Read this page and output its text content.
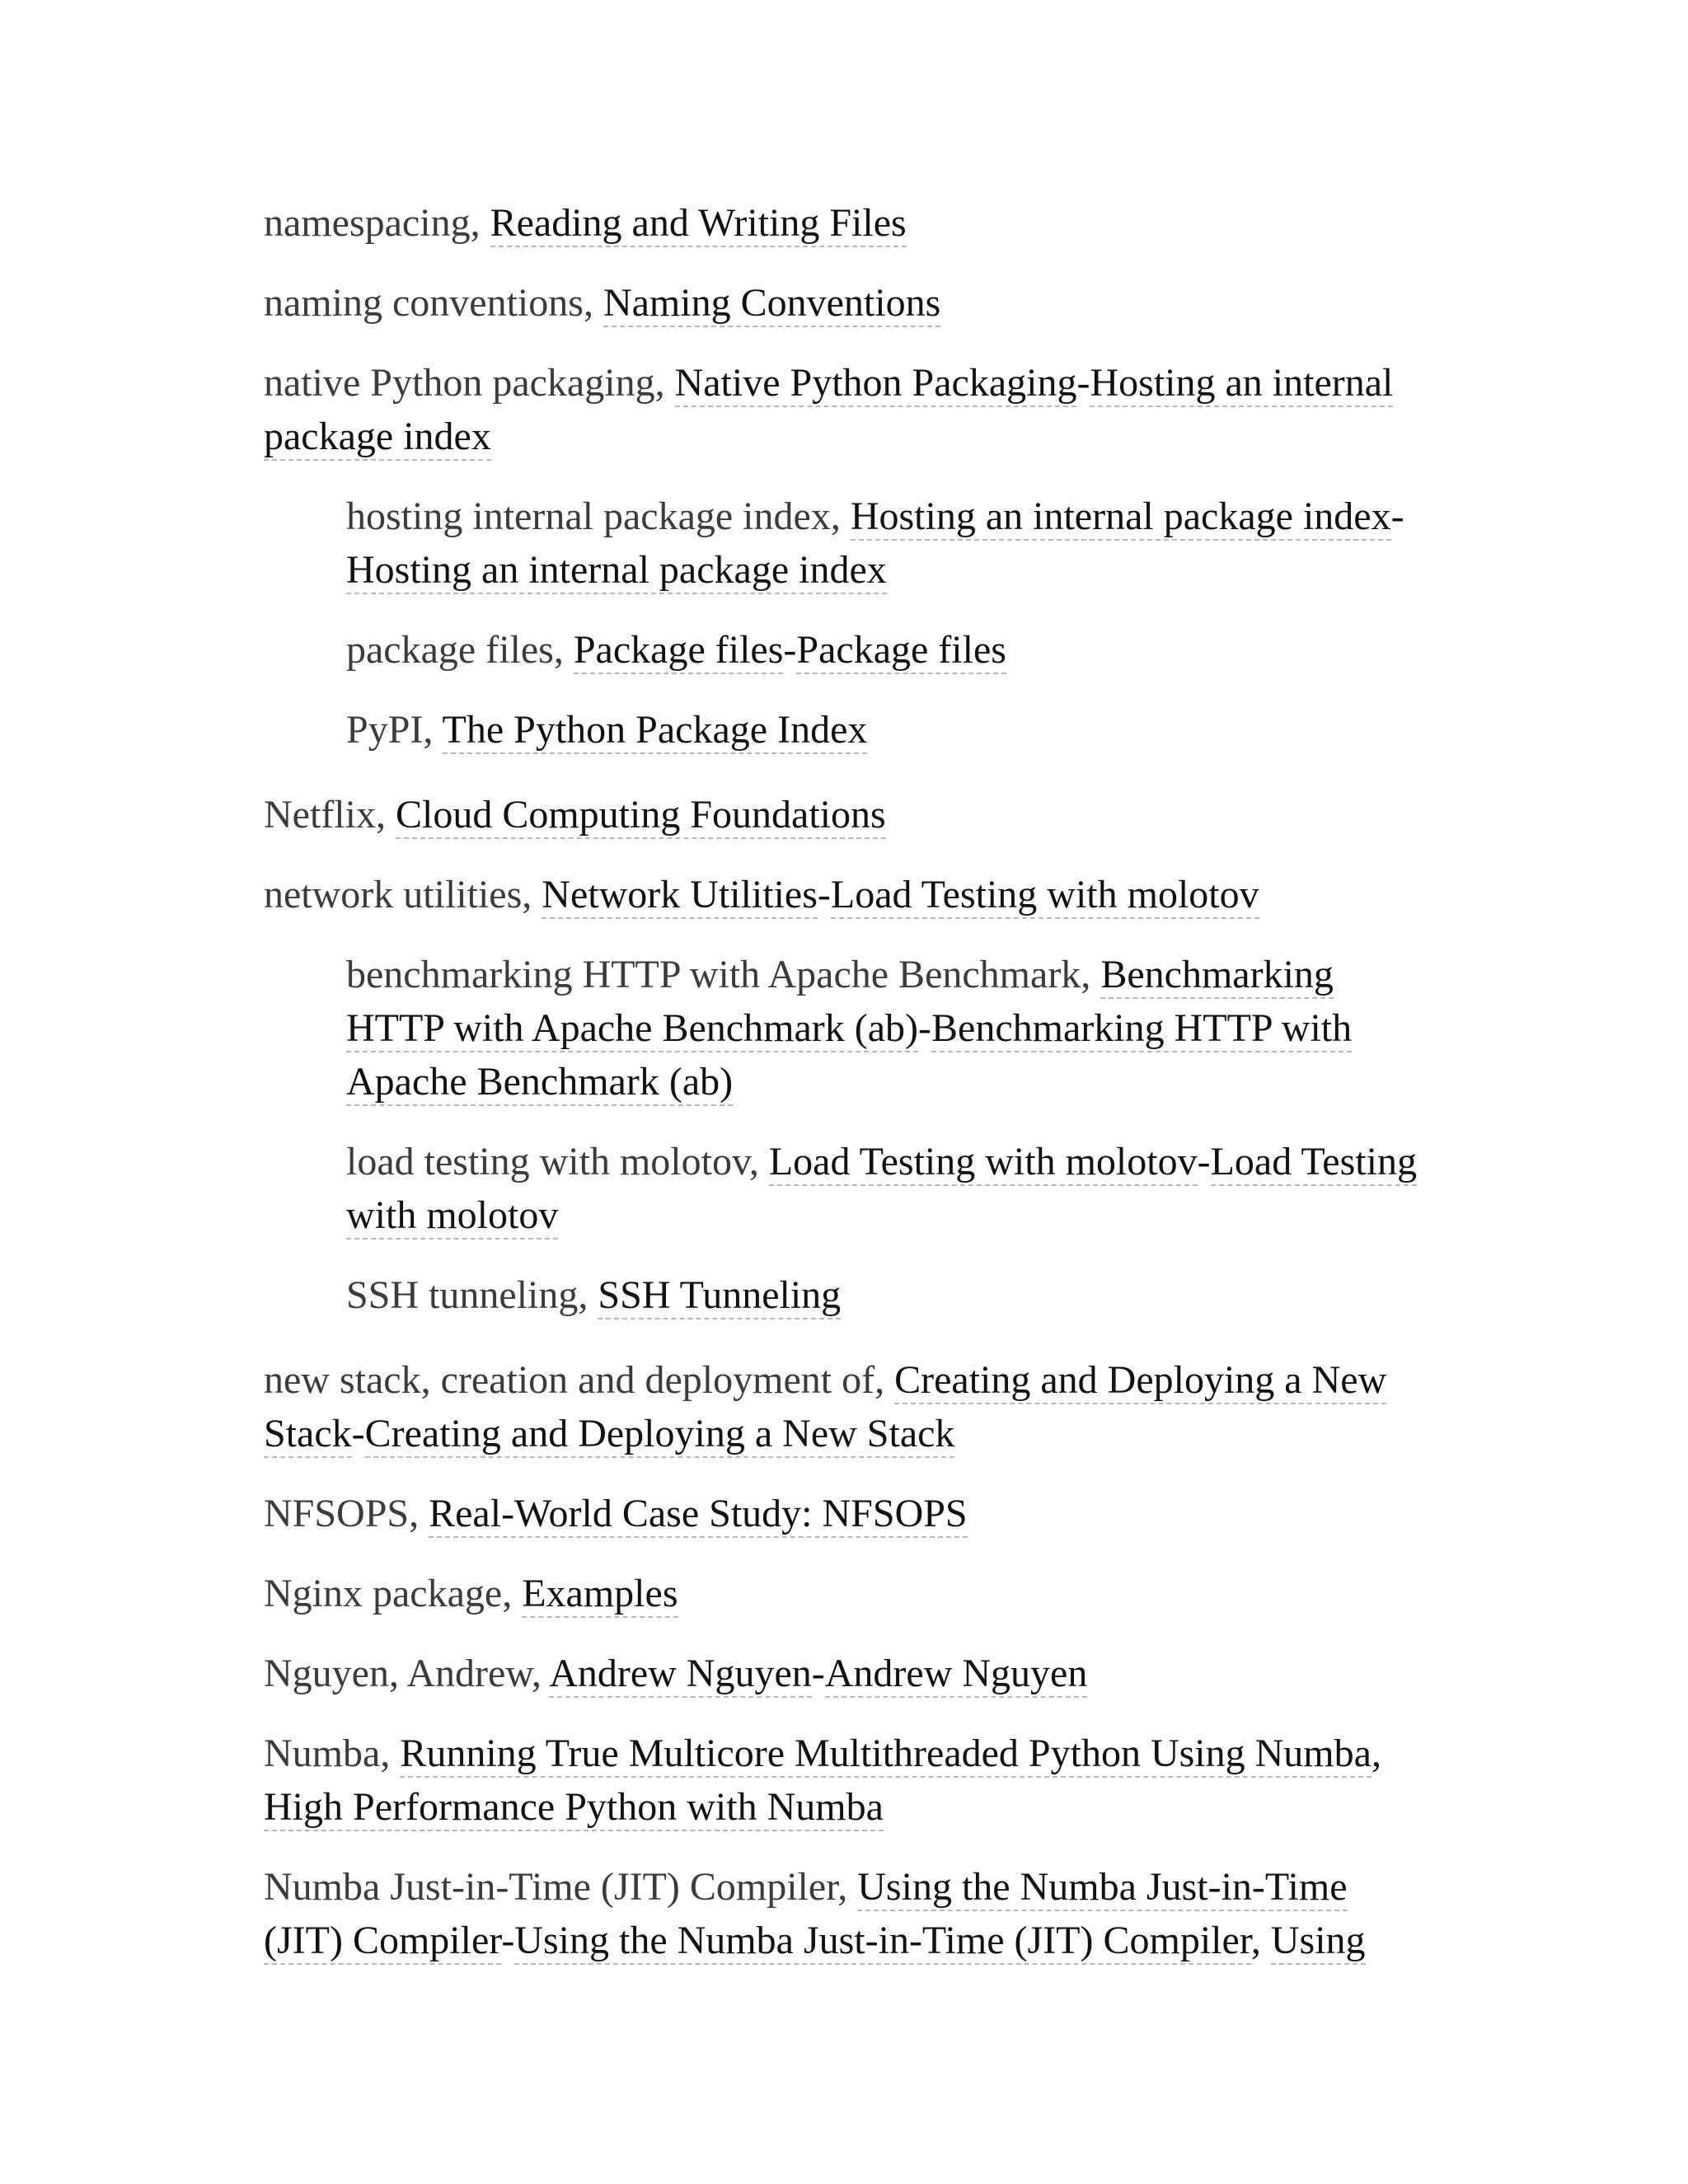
namespacing, Reading and Writing Files

naming conventions, Naming Conventions

native Python packaging, Native Python Packaging-Hosting an internal package index

hosting internal package index, Hosting an internal package index-Hosting an internal package index

package files, Package files-Package files

PyPI, The Python Package Index

Netflix, Cloud Computing Foundations

network utilities, Network Utilities-Load Testing with molotov

benchmarking HTTP with Apache Benchmark, Benchmarking HTTP with Apache Benchmark (ab)-Benchmarking HTTP with Apache Benchmark (ab)

load testing with molotov, Load Testing with molotov-Load Testing with molotov

SSH tunneling, SSH Tunneling

new stack, creation and deployment of, Creating and Deploying a New Stack-Creating and Deploying a New Stack

NFSOPS, Real-World Case Study: NFSOPS

Nginx package, Examples

Nguyen, Andrew, Andrew Nguyen-Andrew Nguyen

Numba, Running True Multicore Multithreaded Python Using Numba, High Performance Python with Numba

Numba Just-in-Time (JIT) Compiler, Using the Numba Just-in-Time (JIT) Compiler-Using the Numba Just-in-Time (JIT) Compiler, Using
